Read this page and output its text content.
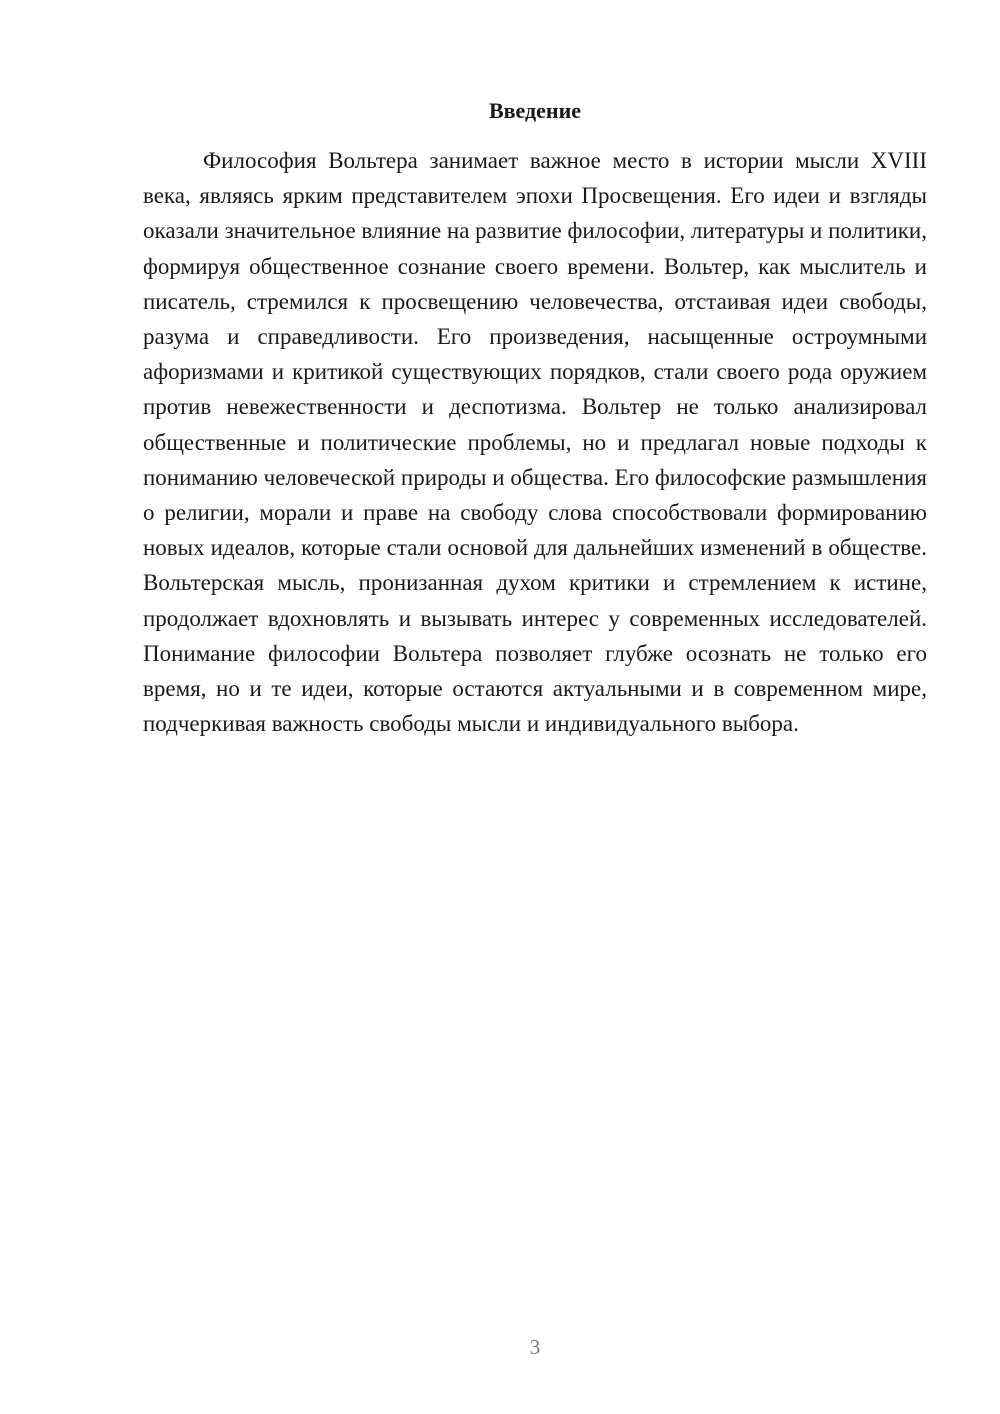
Введение

Философия Вольтера занимает важное место в истории мысли XVIII века, являясь ярким представителем эпохи Просвещения. Его идеи и взгляды оказали значительное влияние на развитие философии, литературы и политики, формируя общественное сознание своего времени. Вольтер, как мыслитель и писатель, стремился к просвещению человечества, отстаивая идеи свободы, разума и справедливости. Его произведения, насыщенные остроумными афоризмами и критикой существующих порядков, стали своего рода оружием против невежественности и деспотизма. Вольтер не только анализировал общественные и политические проблемы, но и предлагал новые подходы к пониманию человеческой природы и общества. Его философские размышления о религии, морали и праве на свободу слова способствовали формированию новых идеалов, которые стали основой для дальнейших изменений в обществе. Вольтерская мысль, пронизанная духом критики и стремлением к истине, продолжает вдохновлять и вызывать интерес у современных исследователей. Понимание философии Вольтера позволяет глубже осознать не только его время, но и те идеи, которые остаются актуальными и в современном мире, подчеркивая важность свободы мысли и индивидуального выбора.

3
